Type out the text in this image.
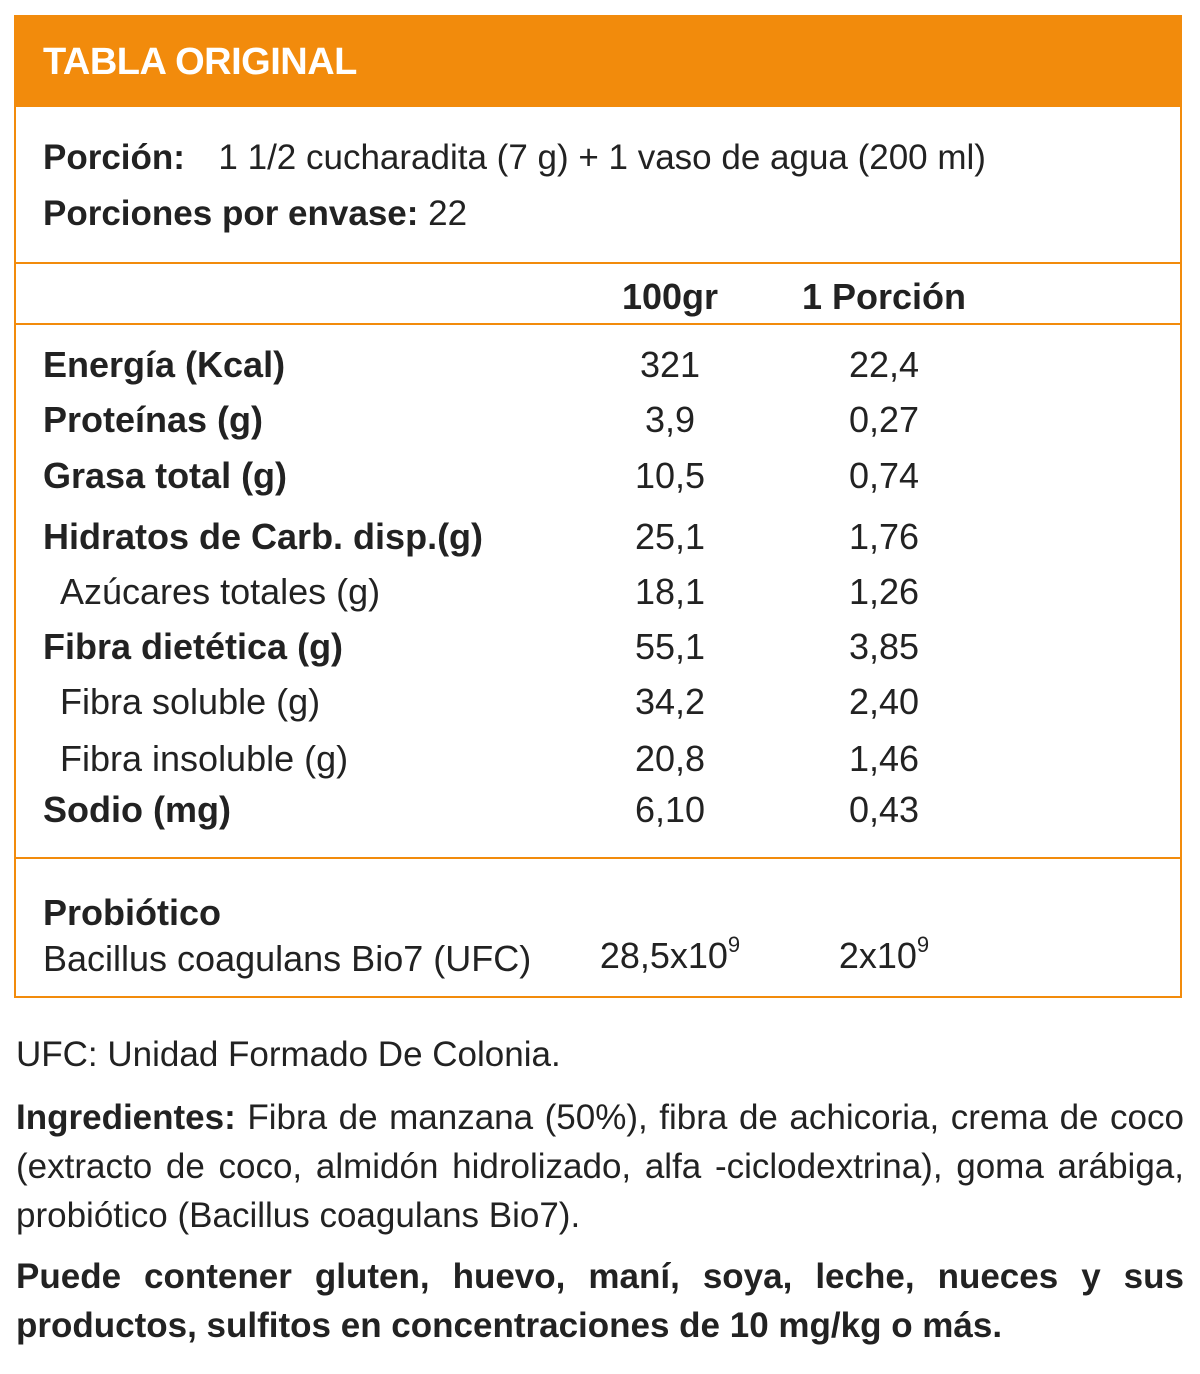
TABLA ORIGINAL
Porción: 1 1/2 cucharadita (7 g) + 1 vaso de agua (200 ml)
Porciones por envase: 22
100gr	1 Porción
Energía (Kcal)	321	22,4
Proteínas (g)	3,9	0,27
Grasa total (g)	10,5	0,74
Hidratos de Carb. disp.(g)	25,1	1,76
Azúcares totales (g)	18,1	1,26
Fibra dietética (g)	55,1	3,85
Fibra soluble (g)	34,2	2,40
Fibra insoluble (g)	20,8	1,46
Sodio (mg)	6,10	0,43
Probiótico
Bacillus coagulans Bio7 (UFC)	$28,5x10^9$	$2x10^9$
UFC: Unidad Formado De Colonia.
Ingredientes: Fibra de manzana (50%), fibra de achicoria, crema de coco (extracto de coco, almidón hidrolizado, alfa -ciclodextrina), goma arábiga, probiótico (Bacillus coagulans Bio7).
Puede contener gluten, huevo, maní, soya, leche, nueces y sus productos, sulfitos en concentraciones de 10 mg/kg o más.
